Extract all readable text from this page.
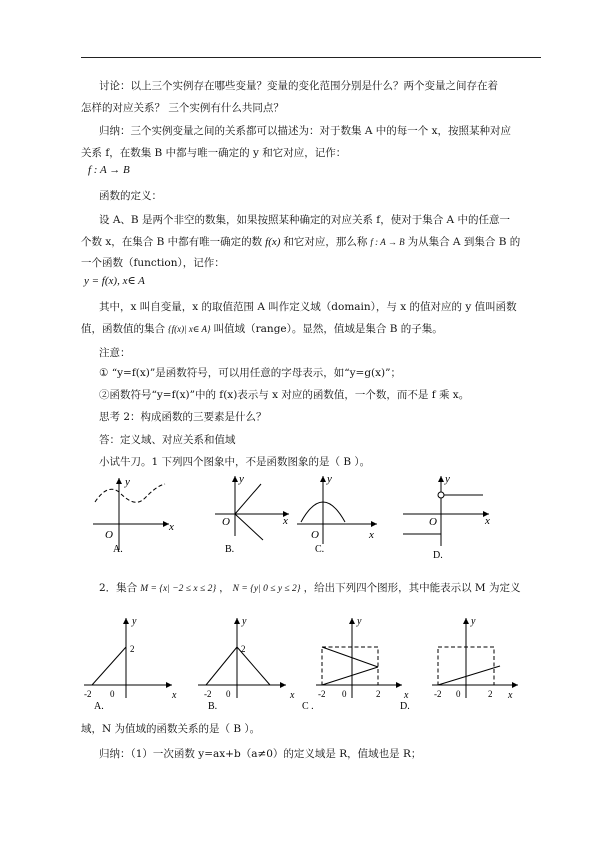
讨论：以上三个实例存在哪些变量？变量的变化范围分别是什么？两个变量之间存在着
怎样的对应关系？ 三个实例有什么共同点？
归纳：三个实例变量之间的关系都可以描述为：对于数集 A 中的每一个 x，按照某种对应
关系 f，在数集 B 中都与唯一确定的 y 和它对应，记作：
f : A → B
函数的定义：
设 A、B 是两个非空的数集，如果按照某种确定的对应关系 f，使对于集合 A 中的任意一
个数 x，在集合 B 中都有唯一确定的数 f(x) 和它对应，那么称 f : A → B 为从集合 A 到集合 B 的
一个函数（function），记作：
y = f(x), x∈ A
其中，x 叫自变量，x 的取值范围 A 叫作定义域（domain），与 x 的值对应的 y 值叫函数
值，函数值的集合 {f(x)| x∈ A} 叫值域（range）。显然，值域是集合 B 的子集。
注意：
① “y=f(x)”是函数符号，可以用任意的字母表示，如“y=g(x)”；
②函数符号“y=f(x)”中的 f(x)表示与 x 对应的函数值，一个数，而不是 f 乘 x。
思考 2：构成函数的三要素是什么？
答：定义域、对应关系和值域
小试牛刀。1 下列四个图象中，不是函数图象的是（ B ）。
O
y
x
A.
O
y
x
B.
O
y
x
C.
O
y
x
D.
2．集合 M = {x| −2 ≤ x ≤ 2} ， N = {y| 0 ≤ y ≤ 2} ，给出下列四个图形，其中能表示以 M 为定义
-2 0
2
y
x
A.
-2 0
2
y
x
B.
-2 0	2
y
x
C .
-2 0	2
y
x
D.
域，N 为值域的函数关系的是（ B ）。
归纳：（1）一次函数 y=ax+b（a≠0）的定义域是 R，值域也是 R；
